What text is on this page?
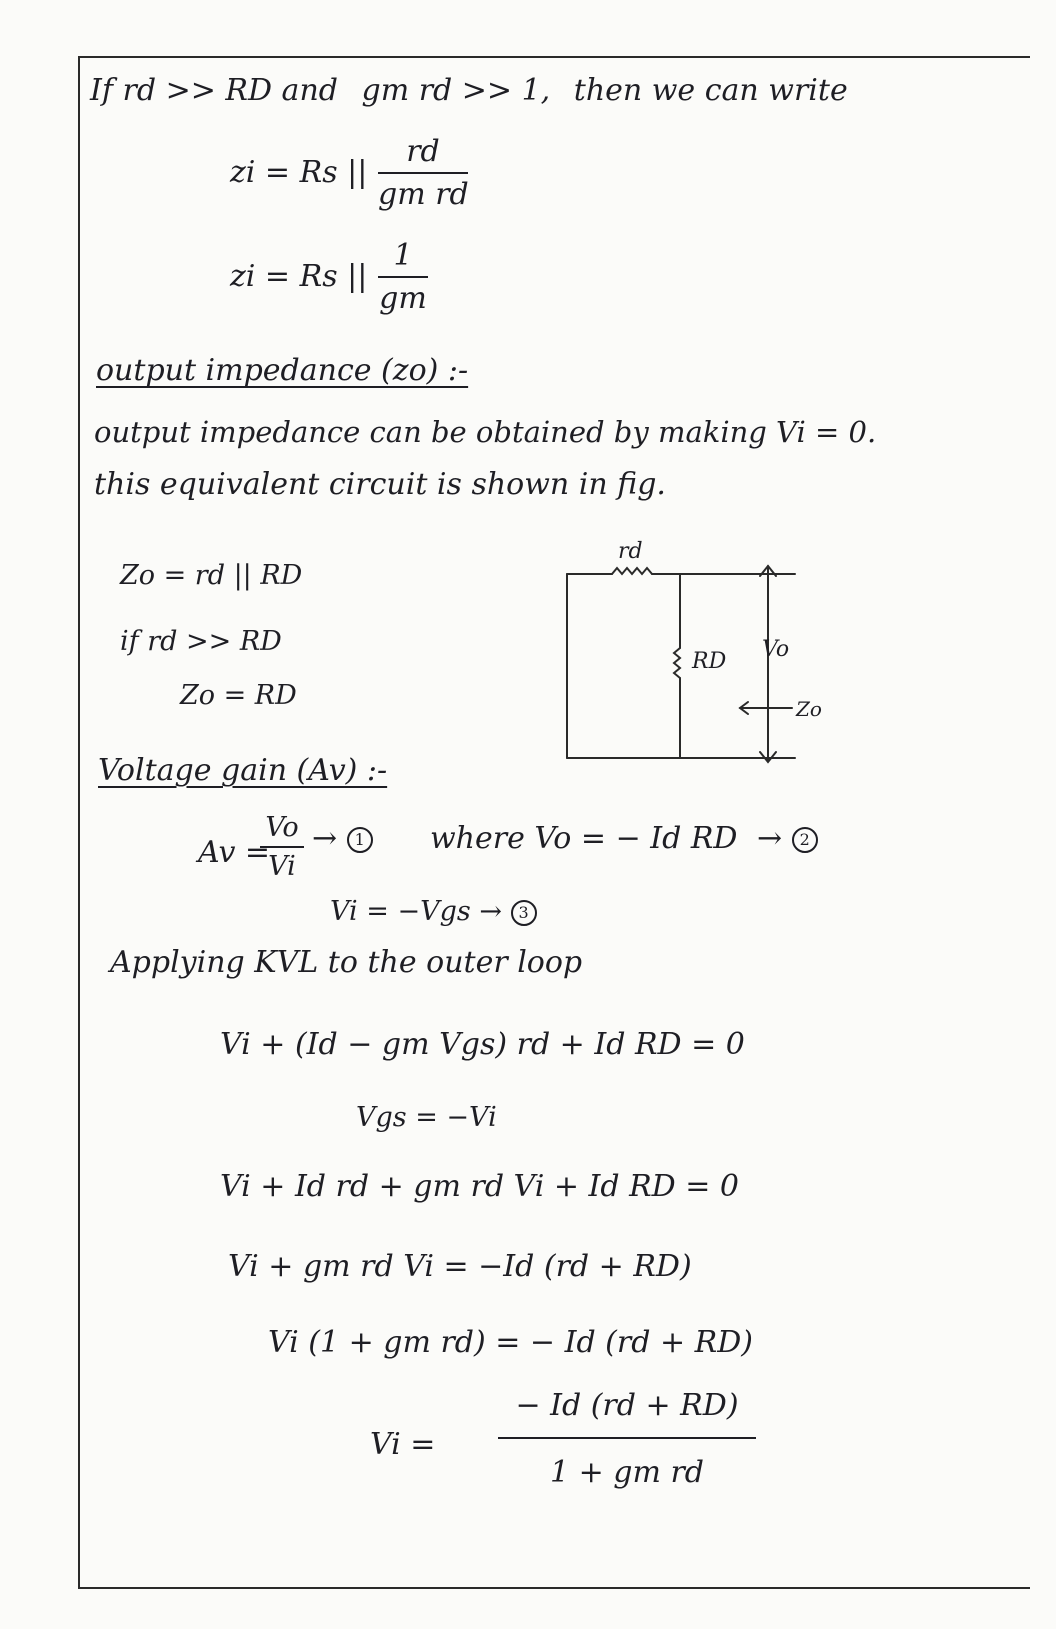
If rd >> RD and gm rd >> 1, then we can write
zi = Rs ||
rd
gm rd
zi = Rs ||
1
gm
output impedance (zo) :-
output impedance can be obtained by making Vi = 0.
this equivalent circuit is shown in fig.
Zo = rd || RD
if rd >> RD
Zo = RD
rd
RD Vo
Zo
Voltage gain (Av) :-
Av =
Vo
Vi
→ 1 where Vo = − Id RD → 2
Vi = −Vgs → 3
Applying KVL to the outer loop
Vi + (Id − gm Vgs) rd + Id RD = 0
Vgs = −Vi
Vi + Id rd + gm rd Vi + Id RD = 0
Vi + gm rd Vi = −Id (rd + RD)
Vi (1 + gm rd) = − Id (rd + RD)
Vi =
− Id (rd + RD)
1 + gm rd
